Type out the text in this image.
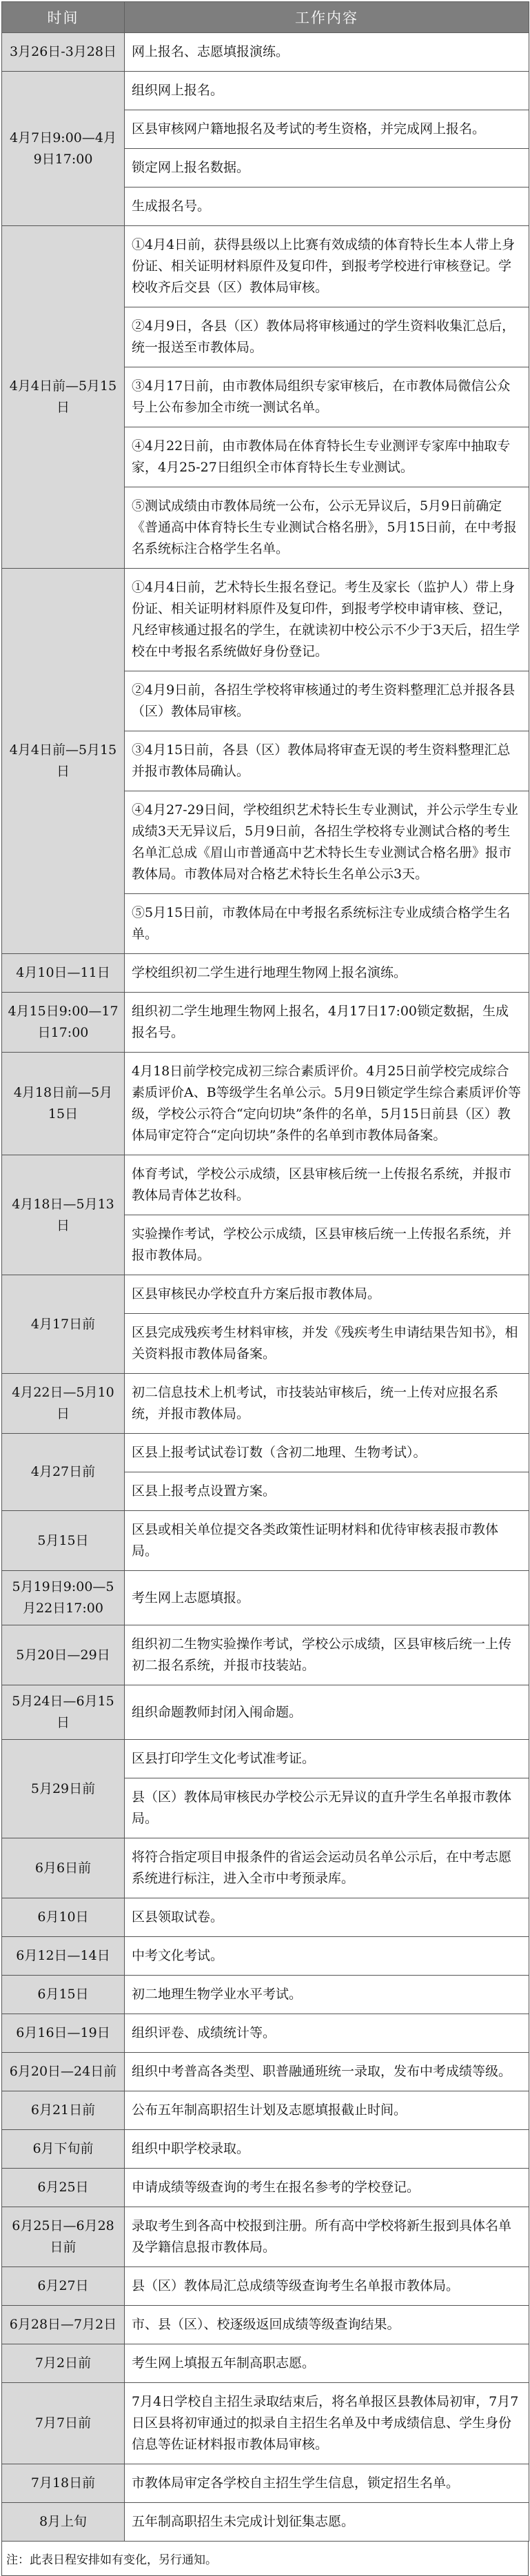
时间	工作内容
3月26日-3月28日	网上报名、志愿填报演练。
4月7日9:00—4月9日17:00	组织网上报名。
	区县审核网户籍地报名及考试的考生资格，并完成网上报名。
	锁定网上报名数据。
	生成报名号。
4月4日前—5月15日	①4月4日前，获得县级以上比赛有效成绩的体育特长生本人带上身份证、相关证明材料原件及复印件，到报考学校进行审核登记。学校收齐后交县（区）教体局审核。
	②4月9日，各县（区）教体局将审核通过的学生资料收集汇总后，统一报送至市教体局。
	③4月17日前，由市教体局组织专家审核后，在市教体局微信公众号上公布参加全市统一测试名单。
	④4月22日前，由市教体局在体育特长生专业测评专家库中抽取专家，4月25-27日组织全市体育特长生专业测试。
	⑤测试成绩由市教体局统一公布，公示无异议后，5月9日前确定《普通高中体育特长生专业测试合格名册》，5月15日前，在中考报名系统标注合格学生名单。
4月4日前—5月15日	①4月4日前，艺术特长生报名登记。考生及家长（监护人）带上身份证、相关证明材料原件及复印件，到报考学校申请审核、登记，凡经审核通过报名的学生，在就读初中校公示不少于3天后，招生学校在中考报名系统做好身份登记。
	②4月9日前，各招生学校将审核通过的考生资料整理汇总并报各县（区）教体局审核。
	③4月15日前，各县（区）教体局将审查无误的考生资料整理汇总并报市教体局确认。
	④4月27-29日间，学校组织艺术特长生专业测试，并公示学生专业成绩3天无异议后，5月9日前，各招生学校将专业测试合格的考生名单汇总成《眉山市普通高中艺术特长生专业测试合格名册》报市教体局。市教体局对合格艺术特长生名单公示3天。
	⑤5月15日前，市教体局在中考报名系统标注专业成绩合格学生名单。
4月10日—11日	学校组织初二学生进行地理生物网上报名演练。
4月15日9:00—17日17:00	组织初二学生地理生物网上报名，4月17日17:00锁定数据，生成报名号。
4月18日前—5月15日	4月18日前学校完成初三综合素质评价。4月25日前学校完成综合素质评价A、B等级学生名单公示。5月9日锁定学生综合素质评价等级，学校公示符合“定向切块”条件的名单，5月15日前县（区）教体局审定符合“定向切块”条件的名单到市教体局备案。
4月18日—5月13日	体育考试，学校公示成绩，区县审核后统一上传报名系统，并报市教体局青体艺妆科。
	实验操作考试，学校公示成绩，区县审核后统一上传报名系统，并报市教体局。
4月17日前	区县审核民办学校直升方案后报市教体局。
	区县完成残疾考生材料审核，并发《残疾考生申请结果告知书》，相关资料报市教体局备案。
4月22日—5月10日	初二信息技术上机考试，市技装站审核后，统一上传对应报名系统，并报市教体局。
4月27日前	区县上报考试试卷订数（含初二地理、生物考试）。
	区县上报考点设置方案。
5月15日	区县或相关单位提交各类政策性证明材料和优待审核表报市教体局。
5月19日9:00—5月22日17:00	考生网上志愿填报。
5月20日—29日	组织初二生物实验操作考试，学校公示成绩，区县审核后统一上传初二报名系统，并报市技装站。
5月24日—6月15日	组织命题教师封闭入闱命题。
5月29日前	区县打印学生文化考试准考证。
	县（区）教体局审核民办学校公示无异议的直升学生名单报市教体局。
6月6日前	将符合指定项目申报条件的省运会运动员名单公示后，在中考志愿系统进行标注，进入全市中考预录库。
6月10日	区县领取试卷。
6月12日—14日	中考文化考试。
6月15日	初二地理生物学业水平考试。
6月16日—19日	组织评卷、成绩统计等。
6月20日—24日前	组织中考普高各类型、职普融通班统一录取，发布中考成绩等级。
6月21日前	公布五年制高职招生计划及志愿填报截止时间。
6月下旬前	组织中职学校录取。
6月25日	申请成绩等级查询的考生在报名参考的学校登记。
6月25日—6月28日前	录取考生到各高中校报到注册。所有高中学校将新生报到具体名单及学籍信息报市教体局。
6月27日	县（区）教体局汇总成绩等级查询考生名单报市教体局。
6月28日—7月2日	市、县（区）、校逐级返回成绩等级查询结果。
7月2日前	考生网上填报五年制高职志愿。
7月7日前	7月4日学校自主招生录取结束后，将名单报区县教体局初审，7月7日区县将初审通过的拟录自主招生名单及中考成绩信息、学生身份信息等佐证材料报市教体局审核。
7月18日前	市教体局审定各学校自主招生学生信息，锁定招生名单。
8月上旬	五年制高职招生未完成计划征集志愿。
注：此表日程安排如有变化，另行通知。
